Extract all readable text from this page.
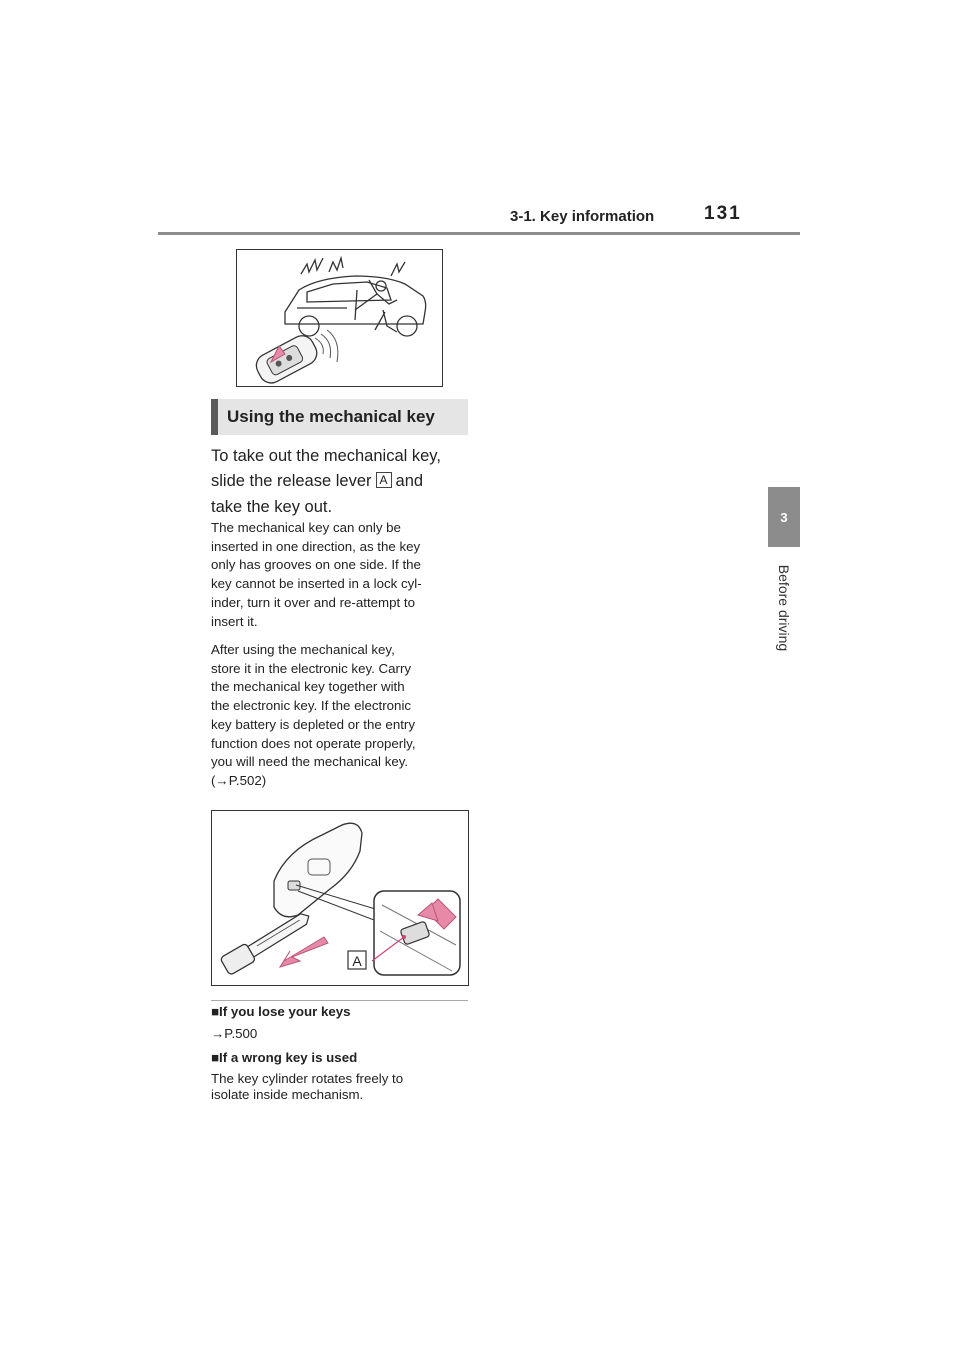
3-1. Key information	131
3
Before driving
Using the mechanical key
To take out the mechanical key,
slide the release lever A and
take the key out.
The mechanical key can only be
inserted in one direction, as the key
only has grooves on one side. If the
key cannot be inserted in a lock cyl-
inder, turn it over and re-attempt to
insert it.
After using the mechanical key,
store it in the electronic key. Carry
the mechanical key together with
the electronic key. If the electronic
key battery is depleted or the entry
function does not operate properly,
you will need the mechanical key.
(→P.502)
A
■If you lose your keys
→P.500
■If a wrong key is used
The key cylinder rotates freely to
isolate inside mechanism.
